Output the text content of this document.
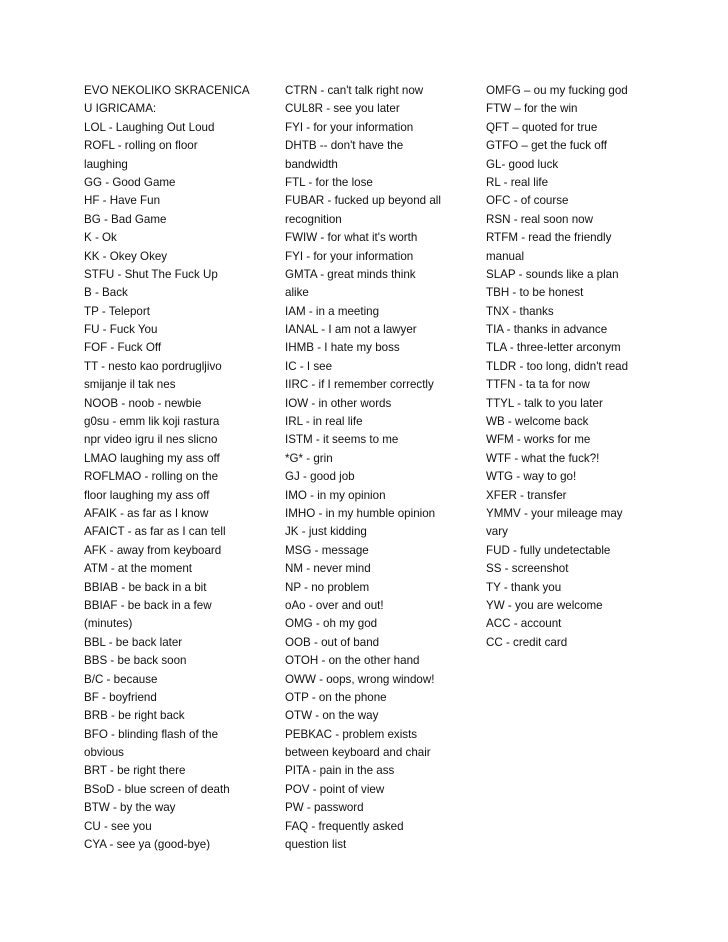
EVO NEKOLIKO SKRACENICA
U IGRICAMA:
LOL - Laughing Out Loud
ROFL - rolling on floor
laughing
GG - Good Game
HF - Have Fun
BG - Bad Game
K - Ok
KK - Okey Okey
STFU - Shut The Fuck Up
B - Back
TP - Teleport
FU - Fuck You
FOF - Fuck Off
TT - nesto kao pordrugljivo
smijanje il tak nes
NOOB - noob - newbie
g0su - emm lik koji rastura
npr video igru il nes slicno
LMAO laughing my ass off
ROFLMAO - rolling on the
floor laughing my ass off
AFAIK - as far as I know
AFAICT - as far as I can tell
AFK - away from keyboard
ATM - at the moment
BBIAB - be back in a bit
BBIAF - be back in a few
(minutes)
BBL - be back later
BBS - be back soon
B/C - because
BF - boyfriend
BRB - be right back
BFO - blinding flash of the
obvious
BRT - be right there
BSoD - blue screen of death
BTW - by the way
CU - see you
CYA - see ya (good-bye)
CTRN - can't talk right now
CUL8R - see you later
FYI - for your information
DHTB -- don't have the
bandwidth
FTL - for the lose
FUBAR - fucked up beyond all
recognition
FWIW - for what it's worth
FYI - for your information
GMTA - great minds think
alike
IAM - in a meeting
IANAL - I am not a lawyer
IHMB - I hate my boss
IC - I see
IIRC - if I remember correctly
IOW - in other words
IRL - in real life
ISTM - it seems to me
*G* - grin
GJ - good job
IMO - in my opinion
IMHO - in my humble opinion
JK - just kidding
MSG - message
NM - never mind
NP - no problem
oAo - over and out!
OMG - oh my god
OOB - out of band
OTOH - on the other hand
OWW - oops, wrong window!
OTP - on the phone
OTW - on the way
PEBKAC - problem exists
between keyboard and chair
PITA - pain in the ass
POV - point of view
PW - password
FAQ - frequently asked
question list
OMFG – ou my fucking god
FTW – for the win
QFT – quoted for true
GTFO – get the fuck off
GL- good luck
RL - real life
OFC - of course
RSN - real soon now
RTFM - read the friendly
manual
SLAP - sounds like a plan
TBH - to be honest
TNX - thanks
TIA - thanks in advance
TLA - three-letter arconym
TLDR - too long, didn't read
TTFN - ta ta for now
TTYL - talk to you later
WB - welcome back
WFM - works for me
WTF - what the fuck?!
WTG - way to go!
XFER - transfer
YMMV - your mileage may
vary
FUD - fully undetectable
SS - screenshot
TY - thank you
YW - you are welcome
ACC - account
CC - credit card
